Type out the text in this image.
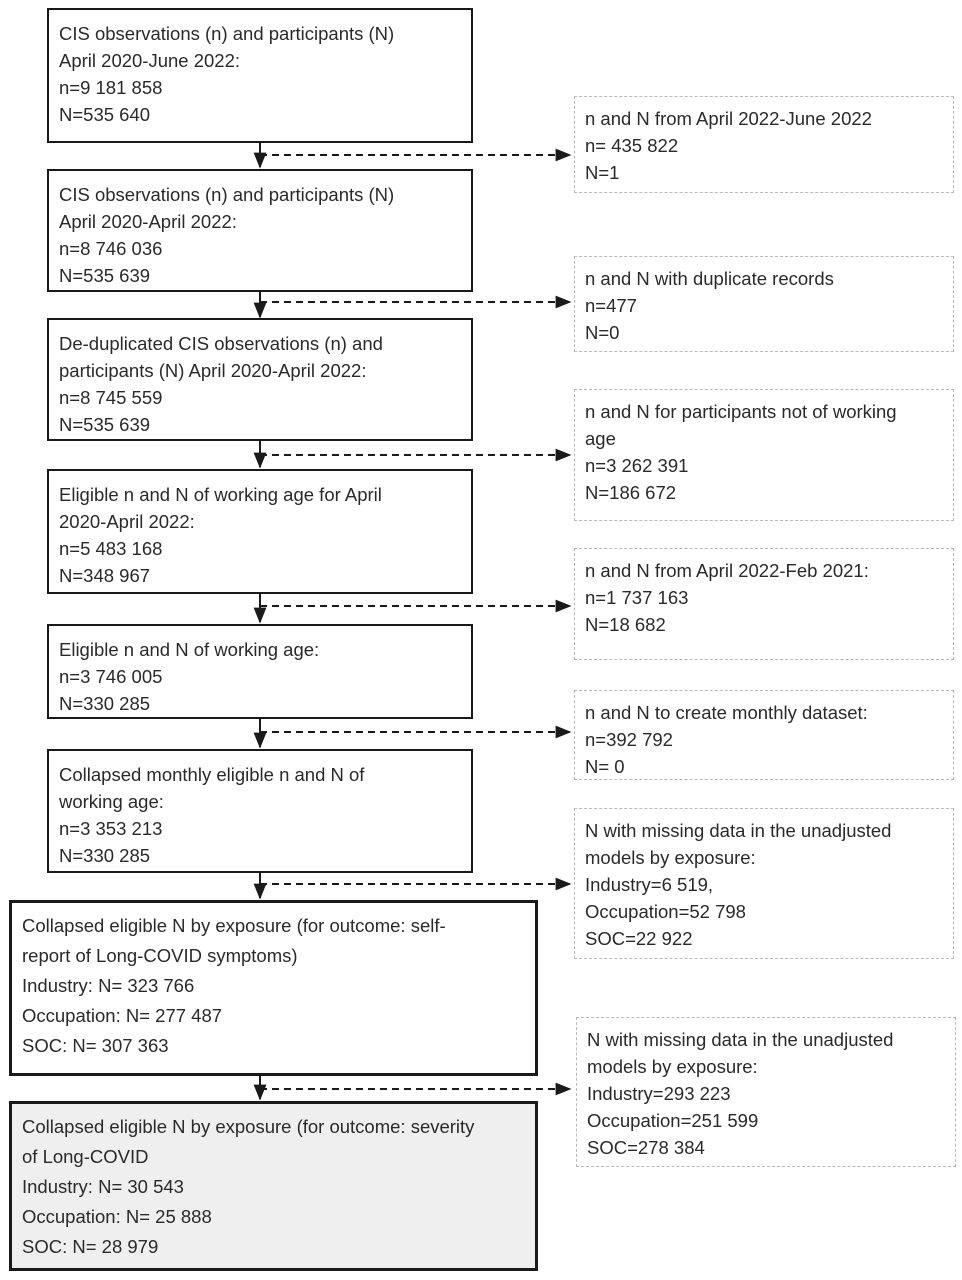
CIS observations (n) and participants (N)
April 2020-June 2022:
n=9 181 858
N=535 640
CIS observations (n) and participants (N)
April 2020-April 2022:
n=8 746 036
N=535 639
De-duplicated CIS observations (n) and
participants (N) April 2020-April 2022:
n=8 745 559
N=535 639
Eligible n and N of working age for April
2020-April 2022:
n=5 483 168
N=348 967
Eligible n and N of working age:
n=3 746 005
N=330 285
Collapsed monthly eligible n and N of
working age:
n=3 353 213
N=330 285
Collapsed eligible N by exposure (for outcome: self-
report of Long-COVID symptoms)
Industry: N= 323 766
Occupation: N= 277 487
SOC: N= 307 363
Collapsed eligible N by exposure (for outcome: severity
of Long-COVID
Industry: N= 30 543
Occupation: N= 25 888
SOC: N= 28 979
n and N from April 2022-June 2022
n= 435 822
N=1
n and N with duplicate records
n=477
N=0
n and N for participants not of working
age
n=3 262 391
N=186 672
n and N from April 2022-Feb 2021:
n=1 737 163
N=18 682
n and N to create monthly dataset:
n=392 792
N= 0
N with missing data in the unadjusted
models by exposure:
Industry=6 519,
Occupation=52 798
SOC=22 922
N with missing data in the unadjusted
models by exposure:
Industry=293 223
Occupation=251 599
SOC=278 384
